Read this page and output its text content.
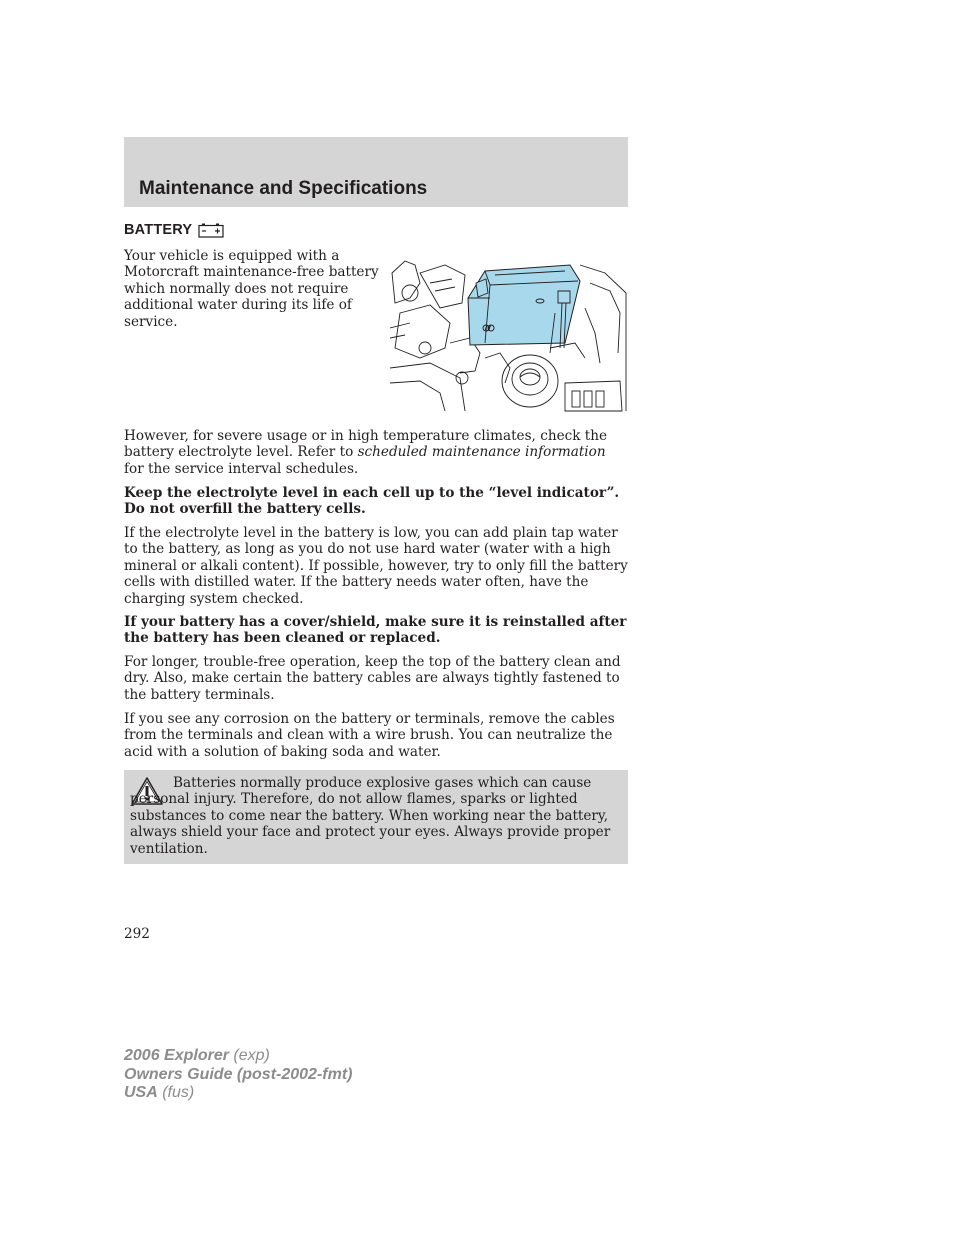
Maintenance and Specifications
BATTERY

Your vehicle is equipped with a Motorcraft maintenance-free battery which normally does not require additional water during its life of service.	ꭤ

However, for severe usage or in high temperature climates, check the battery electrolyte level. Refer to scheduled maintenance information for the service interval schedules.

Keep the electrolyte level in each cell up to the “level indicator”. Do not overfill the battery cells.

If the electrolyte level in the battery is low, you can add plain tap water to the battery, as long as you do not use hard water (water with a high mineral or alkali content). If possible, however, try to only fill the battery cells with distilled water. If the battery needs water often, have the charging system checked.

If your battery has a cover/shield, make sure it is reinstalled after the battery has been cleaned or replaced.

For longer, trouble-free operation, keep the top of the battery clean and dry. Also, make certain the battery cables are always tightly fastened to the battery terminals.

If you see any corrosion on the battery or terminals, remove the cables from the terminals and clean with a wire brush. You can neutralize the acid with a solution of baking soda and water.

Batteries normally produce explosive gases which can cause personal injury. Therefore, do not allow flames, sparks or lighted substances to come near the battery. When working near the battery, always shield your face and protect your eyes. Always provide proper ventilation.

292
2006 Explorer (exp)
Owners Guide (post-2002-fmt)
USA (fus)
